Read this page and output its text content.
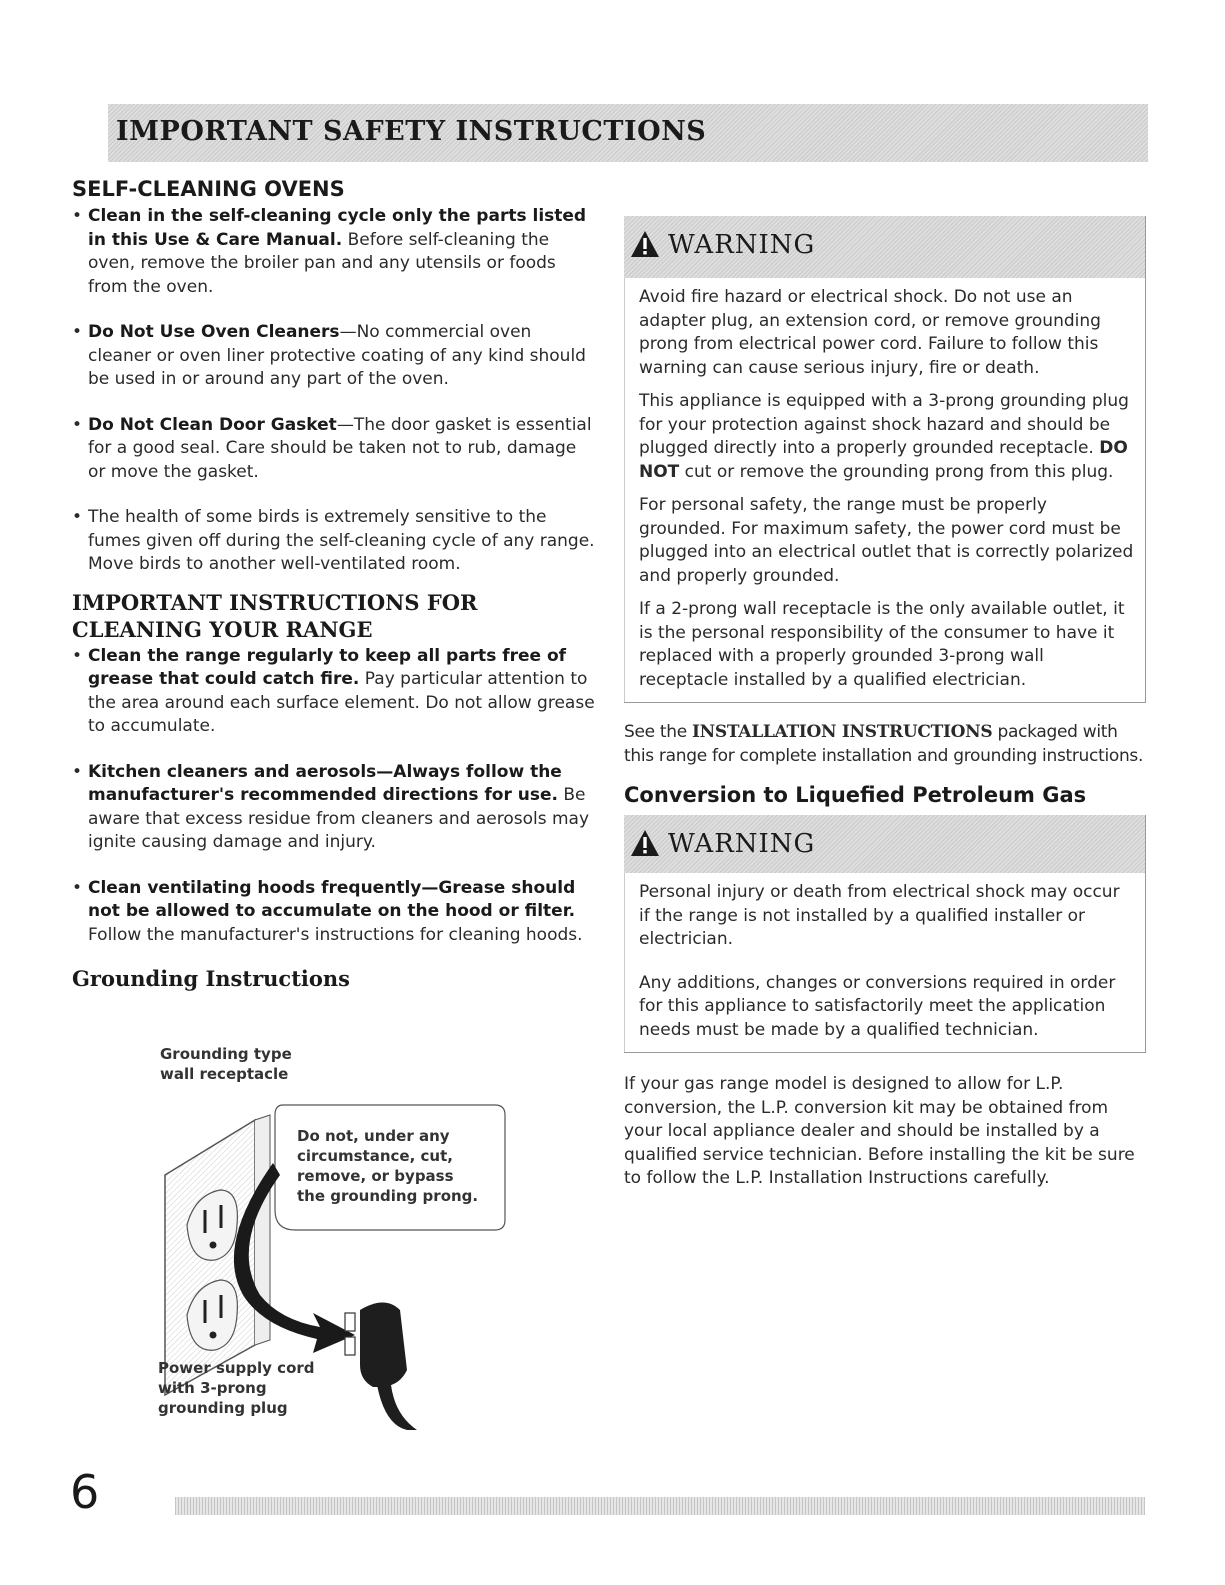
IMPORTANT SAFETY INSTRUCTIONS
SELF-CLEANING OVENS
• Clean in the self-cleaning cycle only the parts listed in this Use & Care Manual. Before self-cleaning the oven, remove the broiler pan and any utensils or foods from the oven.
• Do Not Use Oven Cleaners—No commercial oven cleaner or oven liner protective coating of any kind should be used in or around any part of the oven.
• Do Not Clean Door Gasket—The door gasket is essential for a good seal. Care should be taken not to rub, damage or move the gasket.
• The health of some birds is extremely sensitive to the fumes given off during the self-cleaning cycle of any range. Move birds to another well-ventilated room.
IMPORTANT INSTRUCTIONS FOR CLEANING YOUR RANGE
• Clean the range regularly to keep all parts free of grease that could catch fire. Pay particular attention to the area around each surface element. Do not allow grease to accumulate.
• Kitchen cleaners and aerosols—Always follow the manufacturer's recommended directions for use. Be aware that excess residue from cleaners and aerosols may ignite causing damage and injury.
• Clean ventilating hoods frequently—Grease should not be allowed to accumulate on the hood or filter. Follow the manufacturer's instructions for cleaning hoods.
Grounding Instructions
Grounding type
wall receptacle
Do not, under any
circumstance, cut,
remove, or bypass
the grounding prong.
Power supply cord
with 3-prong
grounding plug
WARNING

Avoid fire hazard or electrical shock. Do not use an adapter plug, an extension cord, or remove grounding prong from electrical power cord. Failure to follow this warning can cause serious injury, fire or death.

This appliance is equipped with a 3-prong grounding plug for your protection against shock hazard and should be plugged directly into a properly grounded receptacle. DO NOT cut or remove the grounding prong from this plug.

For personal safety, the range must be properly grounded. For maximum safety, the power cord must be plugged into an electrical outlet that is correctly polarized and properly grounded.

If a 2-prong wall receptacle is the only available outlet, it is the personal responsibility of the consumer to have it replaced with a properly grounded 3-prong wall receptacle installed by a qualified electrician.

See the INSTALLATION INSTRUCTIONS packaged with this range for complete installation and grounding instructions.

Conversion to Liquefied Petroleum Gas
WARNING

Personal injury or death from electrical shock may occur if the range is not installed by a qualified installer or electrician.

Any additions, changes or conversions required in order for this appliance to satisfactorily meet the application needs must be made by a qualified technician.

If your gas range model is designed to allow for L.P. conversion, the L.P. conversion kit may be obtained from your local appliance dealer and should be installed by a qualified service technician. Before installing the kit be sure to follow the L.P. Installation Instructions carefully.

6
